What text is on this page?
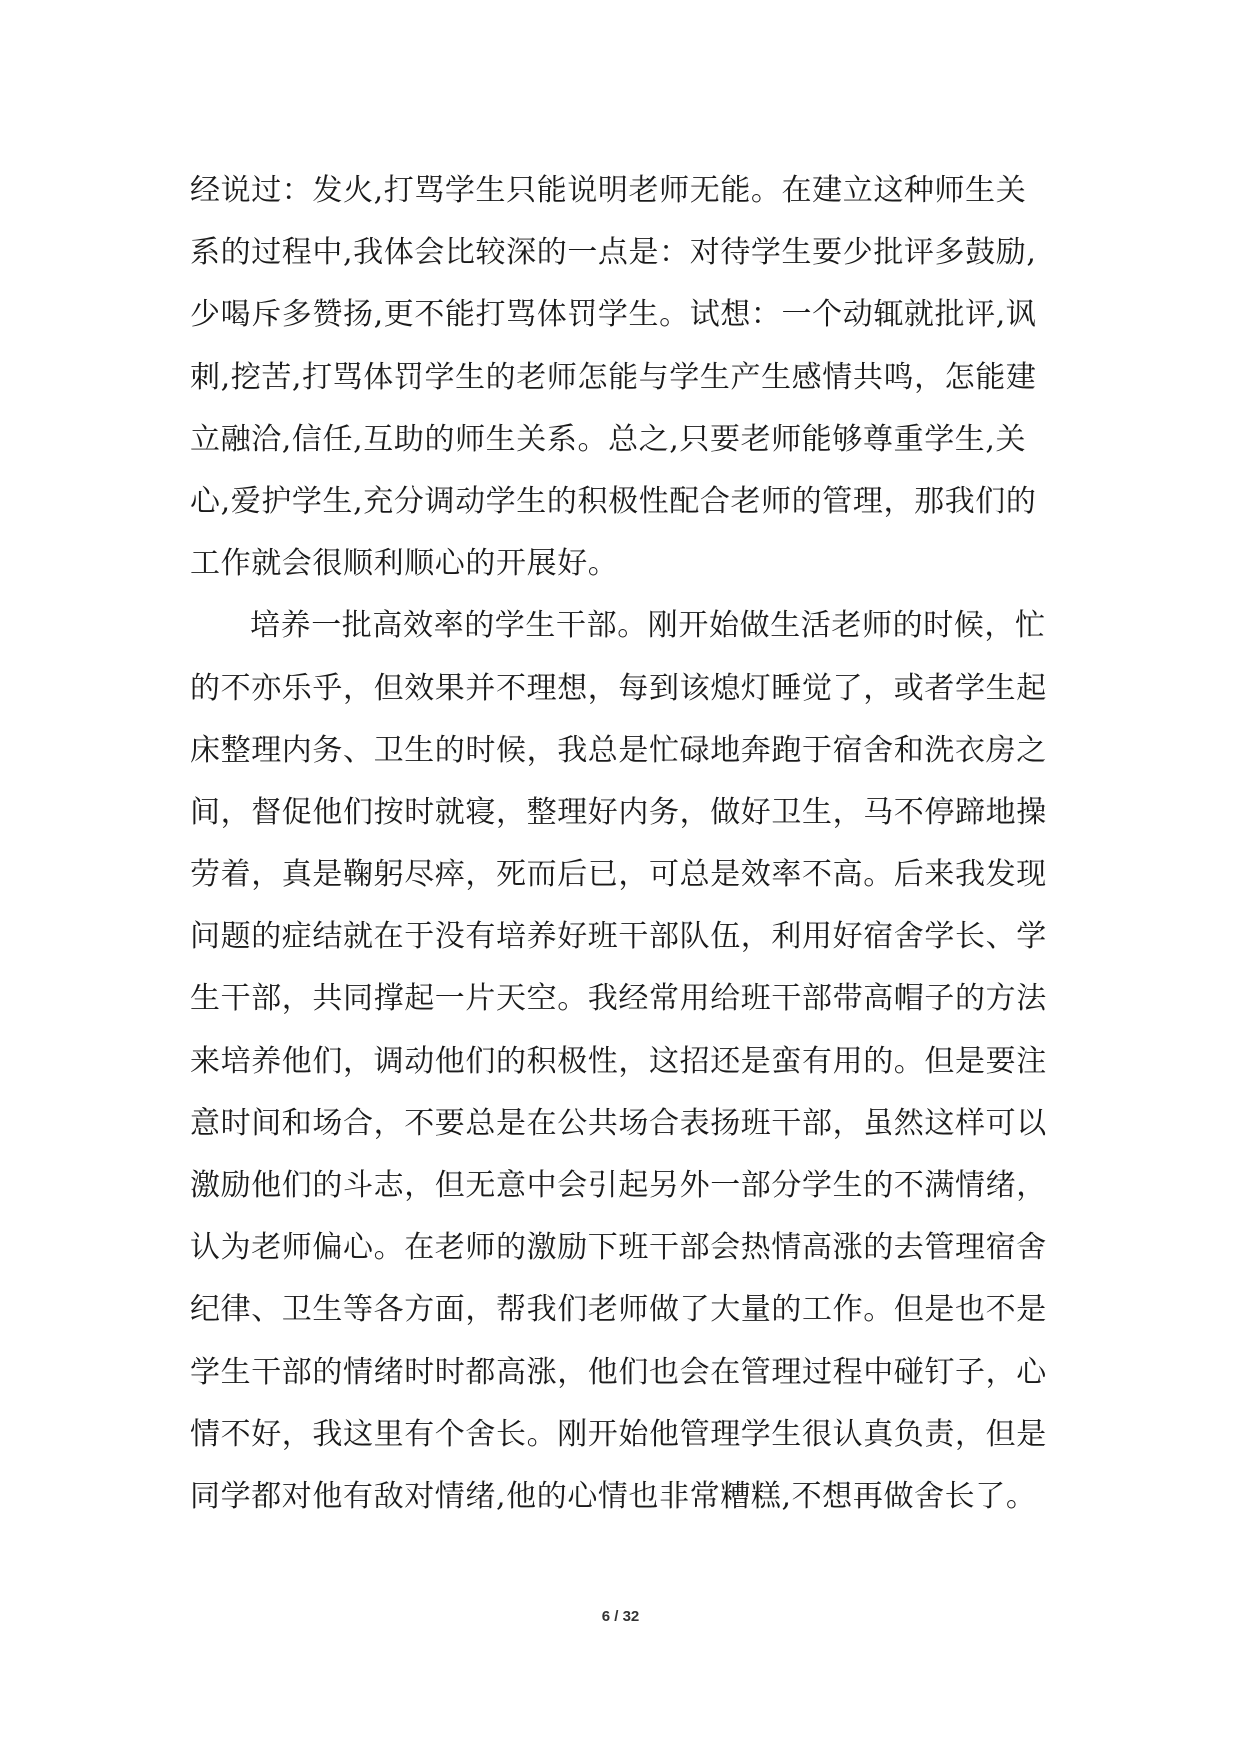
经说过：发火,打骂学生只能说明老师无能。在建立这种师生关
系的过程中,我体会比较深的一点是：对待学生要少批评多鼓励,
少喝斥多赞扬,更不能打骂体罚学生。试想：一个动辄就批评,讽
刺,挖苦,打骂体罚学生的老师怎能与学生产生感情共鸣，怎能建
立融洽,信任,互助的师生关系。总之,只要老师能够尊重学生,关
心,爱护学生,充分调动学生的积极性配合老师的管理，那我们的
工作就会很顺利顺心的开展好。
培养一批高效率的学生干部。刚开始做生活老师的时候，忙
的不亦乐乎，但效果并不理想，每到该熄灯睡觉了，或者学生起
床整理内务、卫生的时候，我总是忙碌地奔跑于宿舍和洗衣房之
间，督促他们按时就寝，整理好内务，做好卫生，马不停蹄地操
劳着，真是鞠躬尽瘁，死而后已，可总是效率不高。后来我发现
问题的症结就在于没有培养好班干部队伍，利用好宿舍学长、学
生干部，共同撑起一片天空。我经常用给班干部带高帽子的方法
来培养他们，调动他们的积极性，这招还是蛮有用的。但是要注
意时间和场合，不要总是在公共场合表扬班干部，虽然这样可以
激励他们的斗志，但无意中会引起另外一部分学生的不满情绪，
认为老师偏心。在老师的激励下班干部会热情高涨的去管理宿舍
纪律、卫生等各方面，帮我们老师做了大量的工作。但是也不是
学生干部的情绪时时都高涨，他们也会在管理过程中碰钉子，心
情不好，我这里有个舍长。刚开始他管理学生很认真负责，但是
同学都对他有敌对情绪,他的心情也非常糟糕,不想再做舍长了。
6 / 32
